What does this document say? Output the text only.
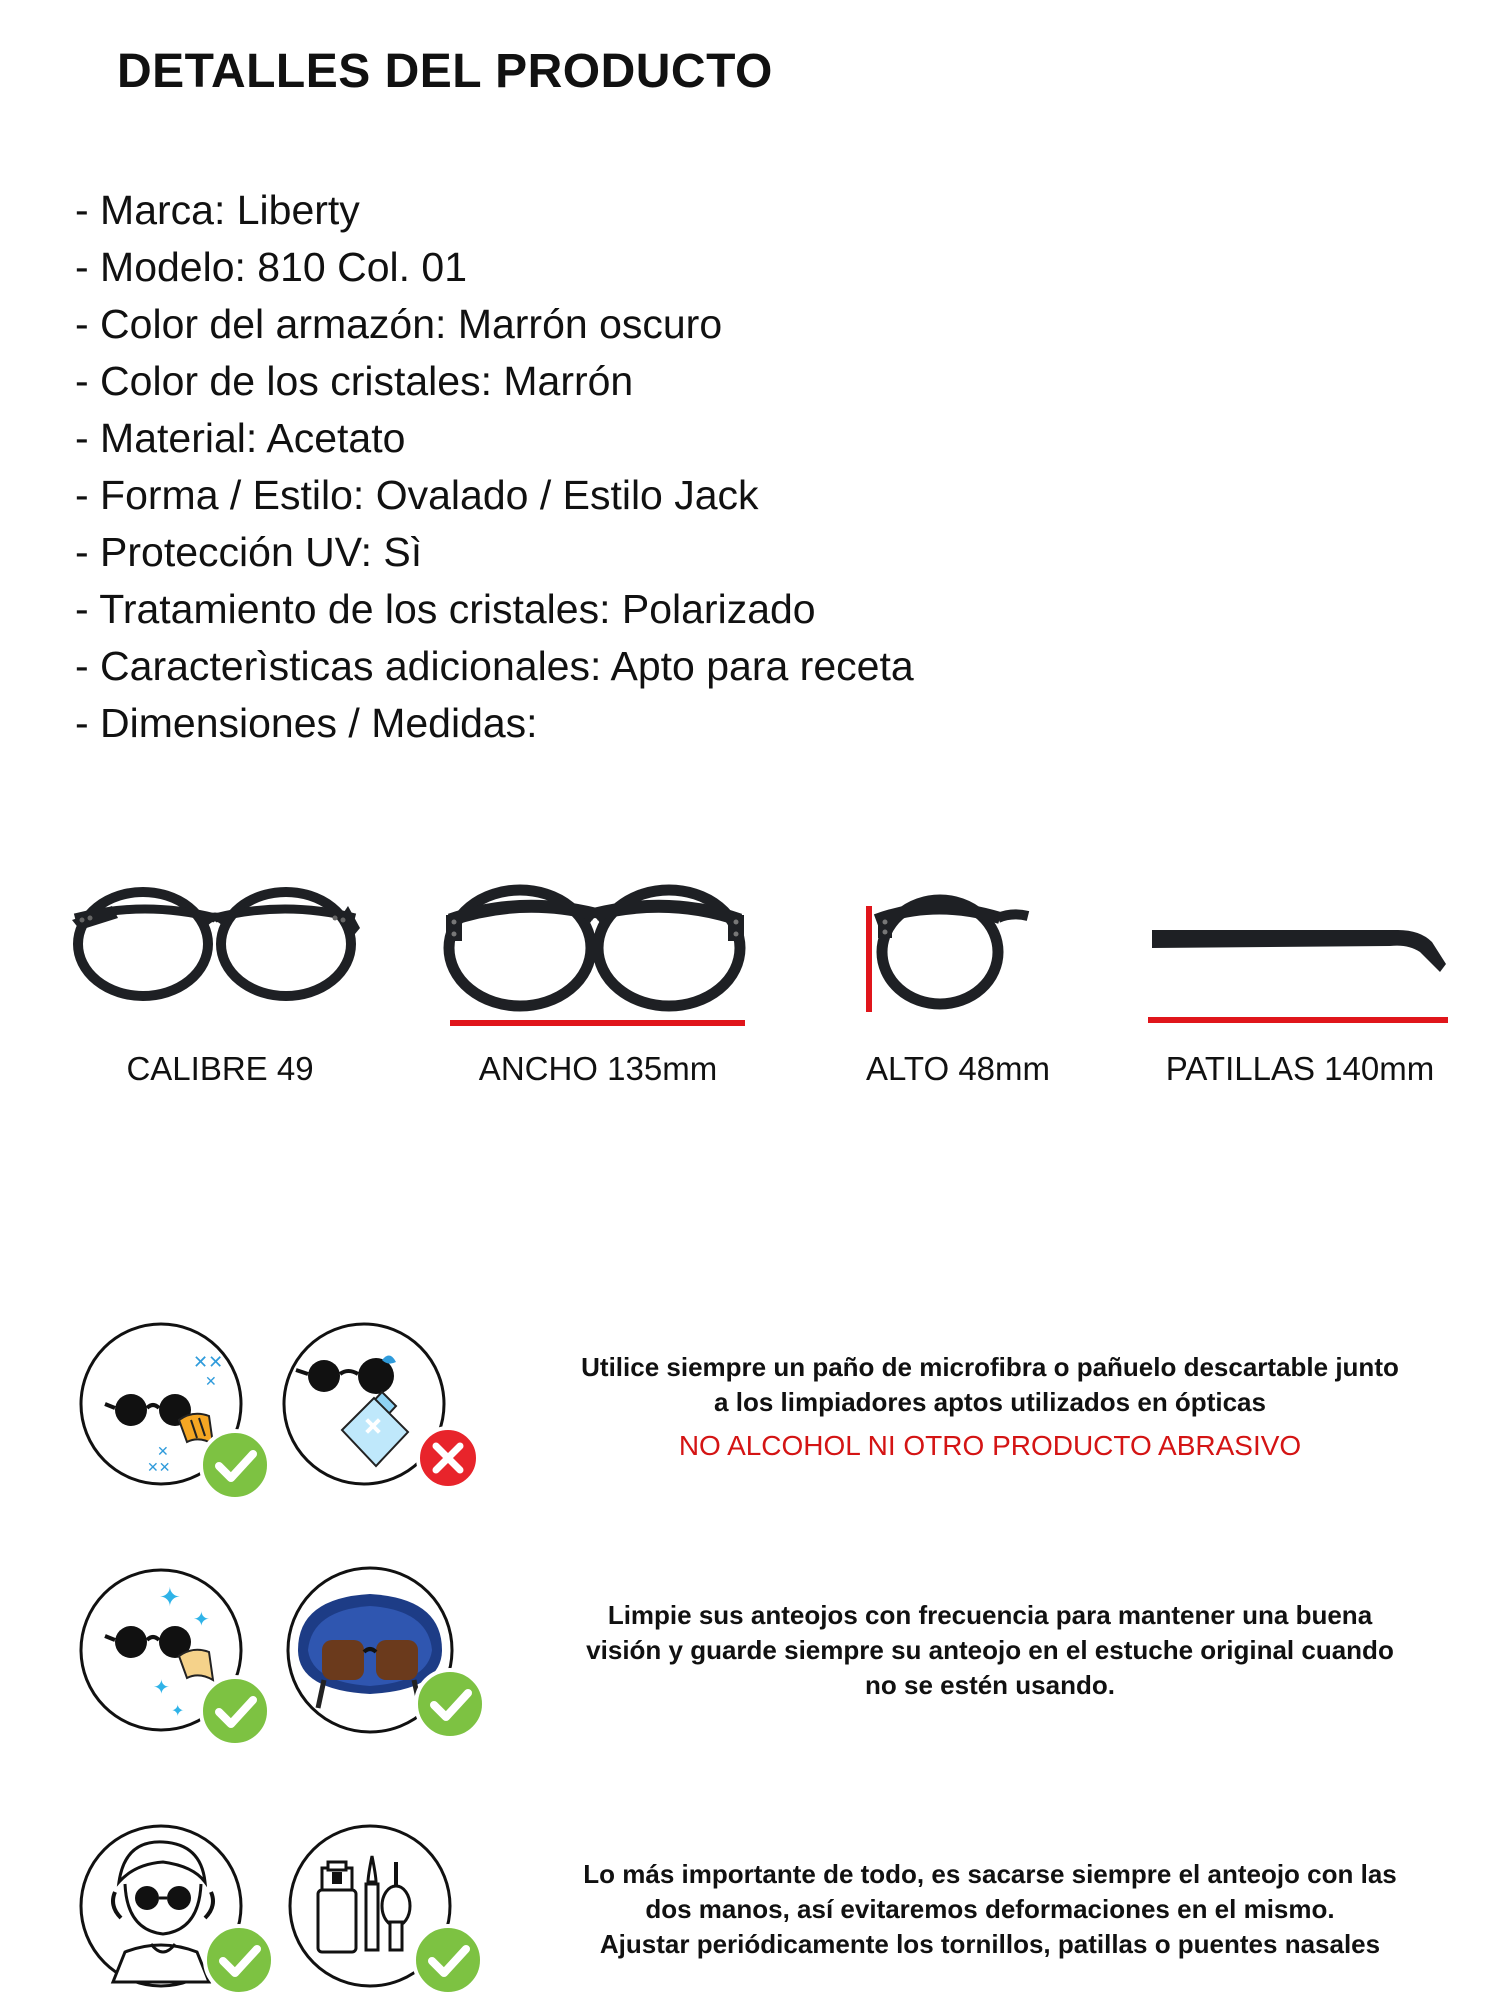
DETALLES DEL PRODUCTO
- Marca: Liberty
- Modelo: 810 Col. 01
- Color del armazón: Marrón oscuro
- Color de los cristales: Marrón
- Material: Acetato
- Forma / Estilo: Ovalado / Estilo Jack
- Protección UV: Sì
- Tratamiento de los cristales: Polarizado
- Caracterìsticas adicionales: Apto para receta
- Dimensiones / Medidas:
CALIBRE 49	ANCHO 135mm	ALTO 48mm	PATILLAS 140mm
✕✕
✕
✕
✕✕
Utilice siempre un paño de microfibra o pañuelo descartable junto
a los limpiadores aptos utilizados en ópticas
NO ALCOHOL NI OTRO PRODUCTO ABRASIVO
✦
✦
✦
✦
Limpie sus anteojos con frecuencia para mantener una buena
visión y guarde siempre su anteojo en el estuche original cuando
no se estén usando.
Lo más importante de todo, es sacarse siempre el anteojo con las
dos manos, así evitaremos deformaciones en el mismo.
Ajustar periódicamente los tornillos, patillas o puentes nasales
